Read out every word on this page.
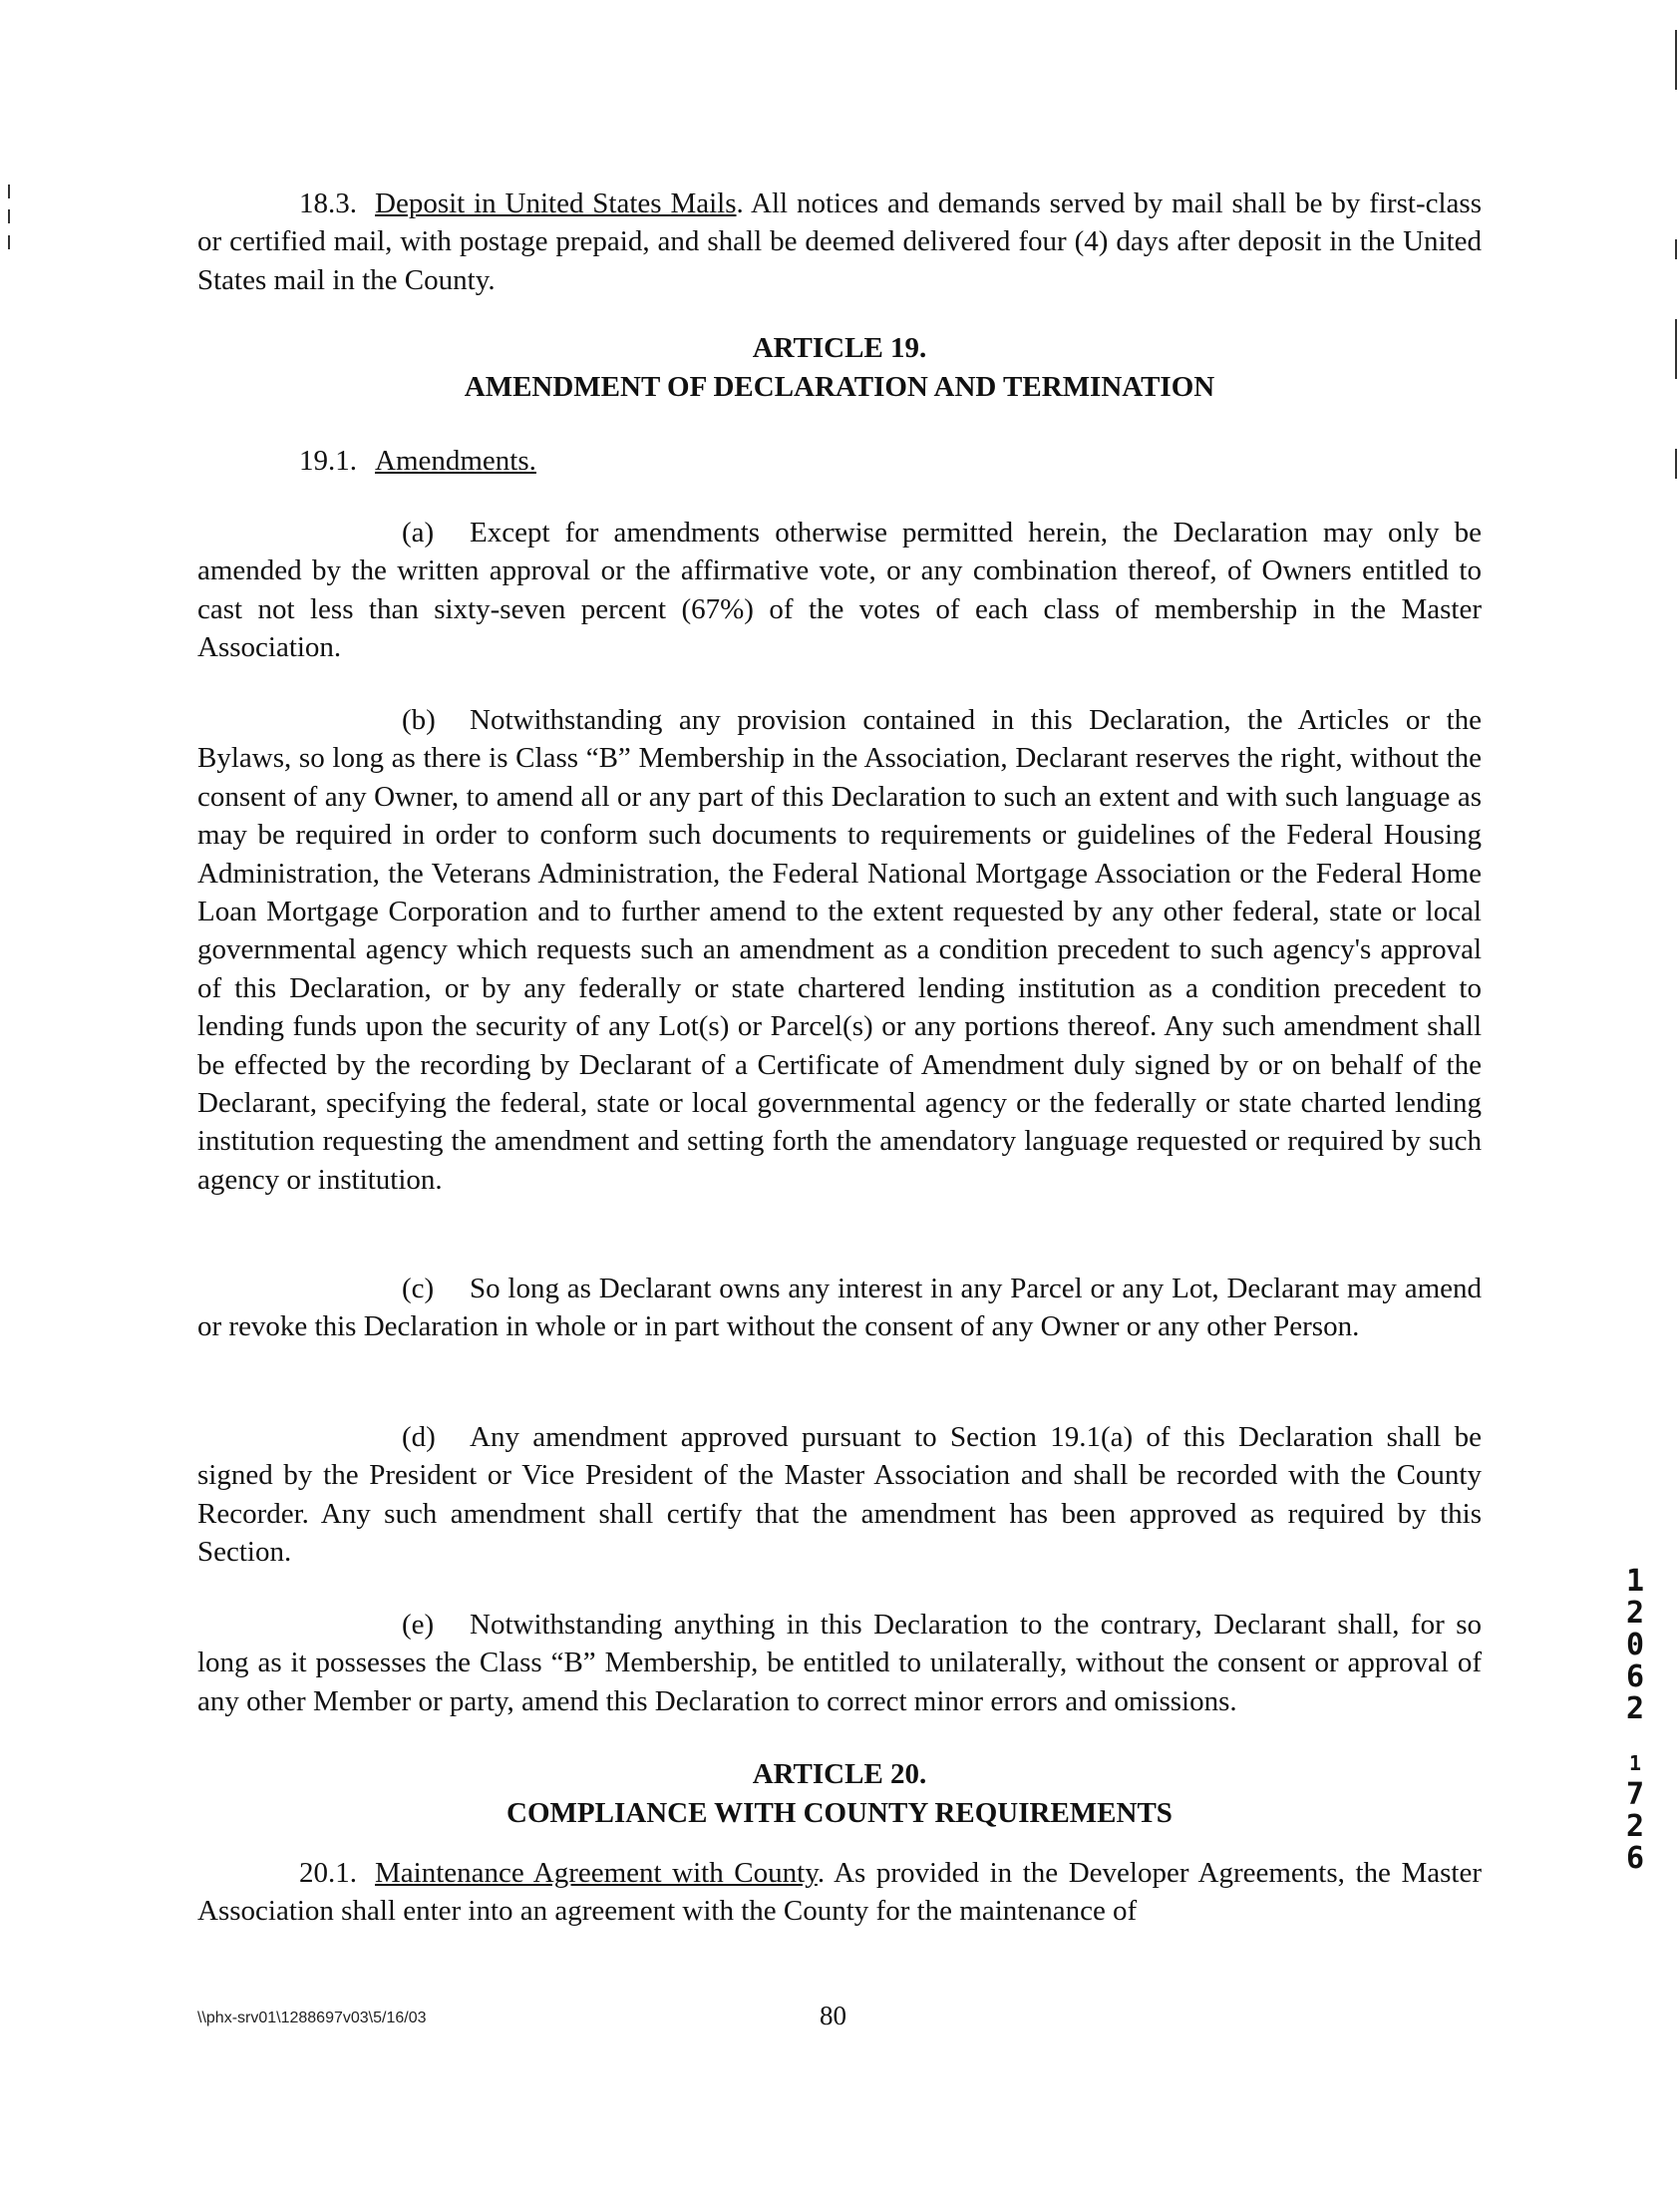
18.3. Deposit in United States Mails. All notices and demands served by mail shall be by first-class or certified mail, with postage prepaid, and shall be deemed delivered four (4) days after deposit in the United States mail in the County.

ARTICLE 19.
AMENDMENT OF DECLARATION AND TERMINATION

19.1. Amendments.

(a) Except for amendments otherwise permitted herein, the Declaration may only be amended by the written approval or the affirmative vote, or any combination thereof, of Owners entitled to cast not less than sixty-seven percent (67%) of the votes of each class of membership in the Master Association.

(b) Notwithstanding any provision contained in this Declaration, the Articles or the Bylaws, so long as there is Class “B” Membership in the Association, Declarant reserves the right, without the consent of any Owner, to amend all or any part of this Declaration to such an extent and with such language as may be required in order to conform such documents to requirements or guidelines of the Federal Housing Administration, the Veterans Administration, the Federal National Mortgage Association or the Federal Home Loan Mortgage Corporation and to further amend to the extent requested by any other federal, state or local governmental agency which requests such an amendment as a condition precedent to such agency's approval of this Declaration, or by any federally or state chartered lending institution as a condition precedent to lending funds upon the security of any Lot(s) or Parcel(s) or any portions thereof. Any such amendment shall be effected by the recording by Declarant of a Certificate of Amendment duly signed by or on behalf of the Declarant, specifying the federal, state or local governmental agency or the federally or state charted lending institution requesting the amendment and setting forth the amendatory language requested or required by such agency or institution.

(c) So long as Declarant owns any interest in any Parcel or any Lot, Declarant may amend or revoke this Declaration in whole or in part without the consent of any Owner or any other Person.

(d) Any amendment approved pursuant to Section 19.1(a) of this Declaration shall be signed by the President or Vice President of the Master Association and shall be recorded with the County Recorder. Any such amendment shall certify that the amendment has been approved as required by this Section.

(e) Notwithstanding anything in this Declaration to the contrary, Declarant shall, for so long as it possesses the Class “B” Membership, be entitled to unilaterally, without the consent or approval of any other Member or party, amend this Declaration to correct minor errors and omissions.

ARTICLE 20.
COMPLIANCE WITH COUNTY REQUIREMENTS

20.1. Maintenance Agreement with County. As provided in the Developer Agreements, the Master Association shall enter into an agreement with the County for the maintenance of

\\phx-srv01\1288697v03\5/16/03	80
1
2
0
6
2
1
7
2
6
